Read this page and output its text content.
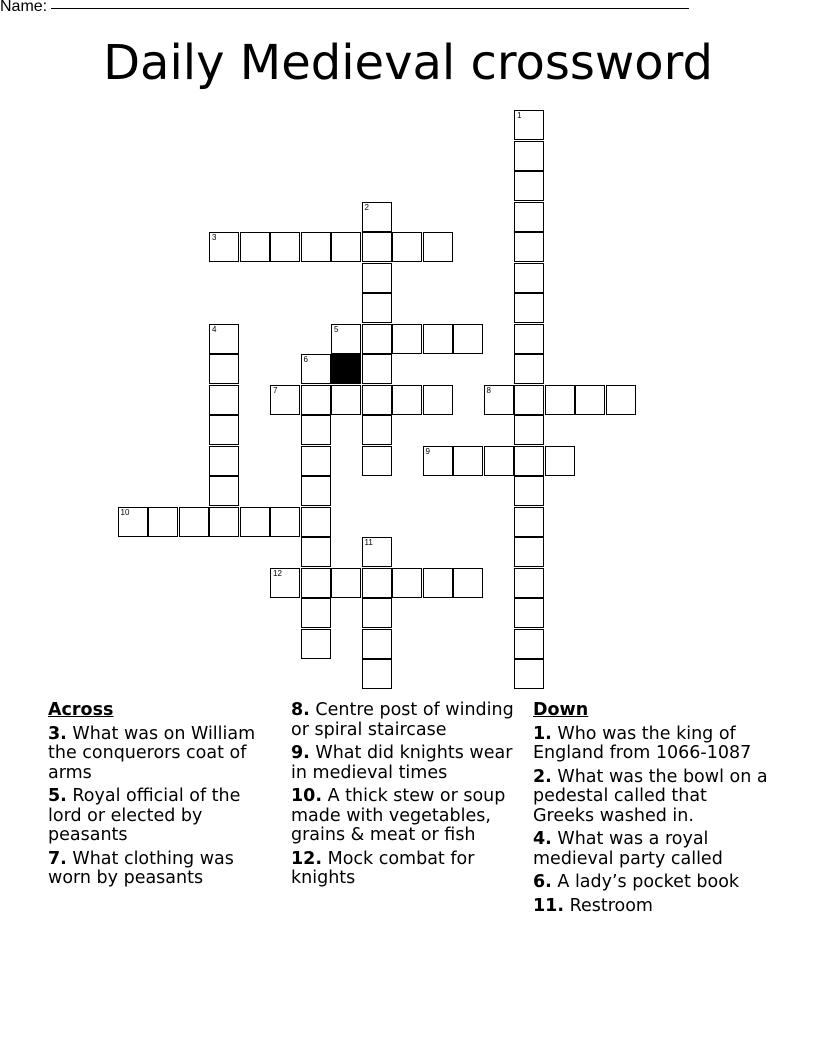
Name:
Daily Medieval crossword
1
2
3
4	5
6
7	8
9
10
11
12
Across
3. What was on William the conquerors coat of arms
5. Royal official of the lord or elected by peasants
7. What clothing was worn by peasants
8. Centre post of winding or spiral staircase
9. What did knights wear in medieval times
10. A thick stew or soup made with vegetables, grains & meat or fish
12. Mock combat for knights
Down
1. Who was the king of England from 1066-1087
2. What was the bowl on a pedestal called that Greeks washed in.
4. What was a royal medieval party called
6. A lady’s pocket book
11. Restroom
